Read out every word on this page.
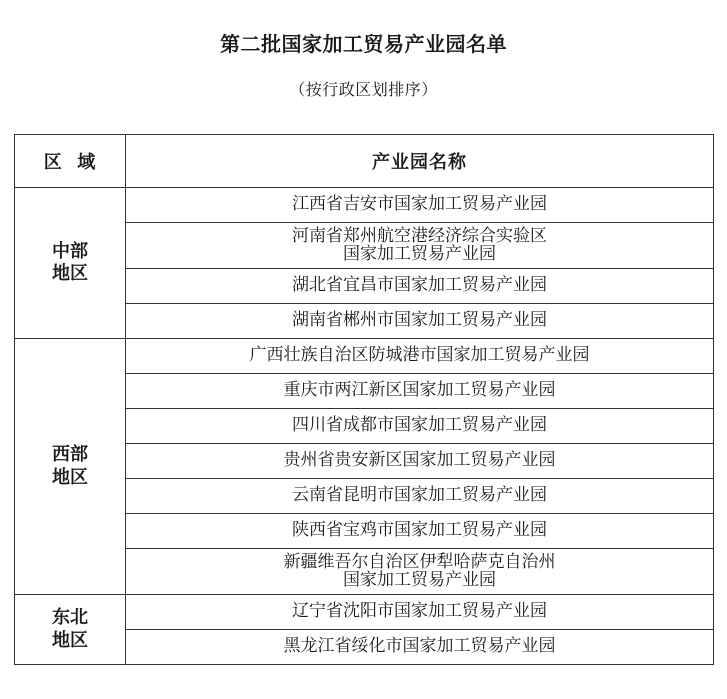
第二批国家加工贸易产业园名单
（按行政区划排序）
区  域	产业园名称

中部
地区	江西省吉安市国家加工贸易产业园

	河南省郑州航空港经济综合实验区
国家加工贸易产业园

	湖北省宜昌市国家加工贸易产业园

	湖南省郴州市国家加工贸易产业园

西部
地区	广西壮族自治区防城港市国家加工贸易产业园

	重庆市两江新区国家加工贸易产业园

	四川省成都市国家加工贸易产业园

	贵州省贵安新区国家加工贸易产业园

	云南省昆明市国家加工贸易产业园

	陕西省宝鸡市国家加工贸易产业园

	新疆维吾尔自治区伊犁哈萨克自治州
国家加工贸易产业园

东北
地区	辽宁省沈阳市国家加工贸易产业园

	黑龙江省绥化市国家加工贸易产业园
